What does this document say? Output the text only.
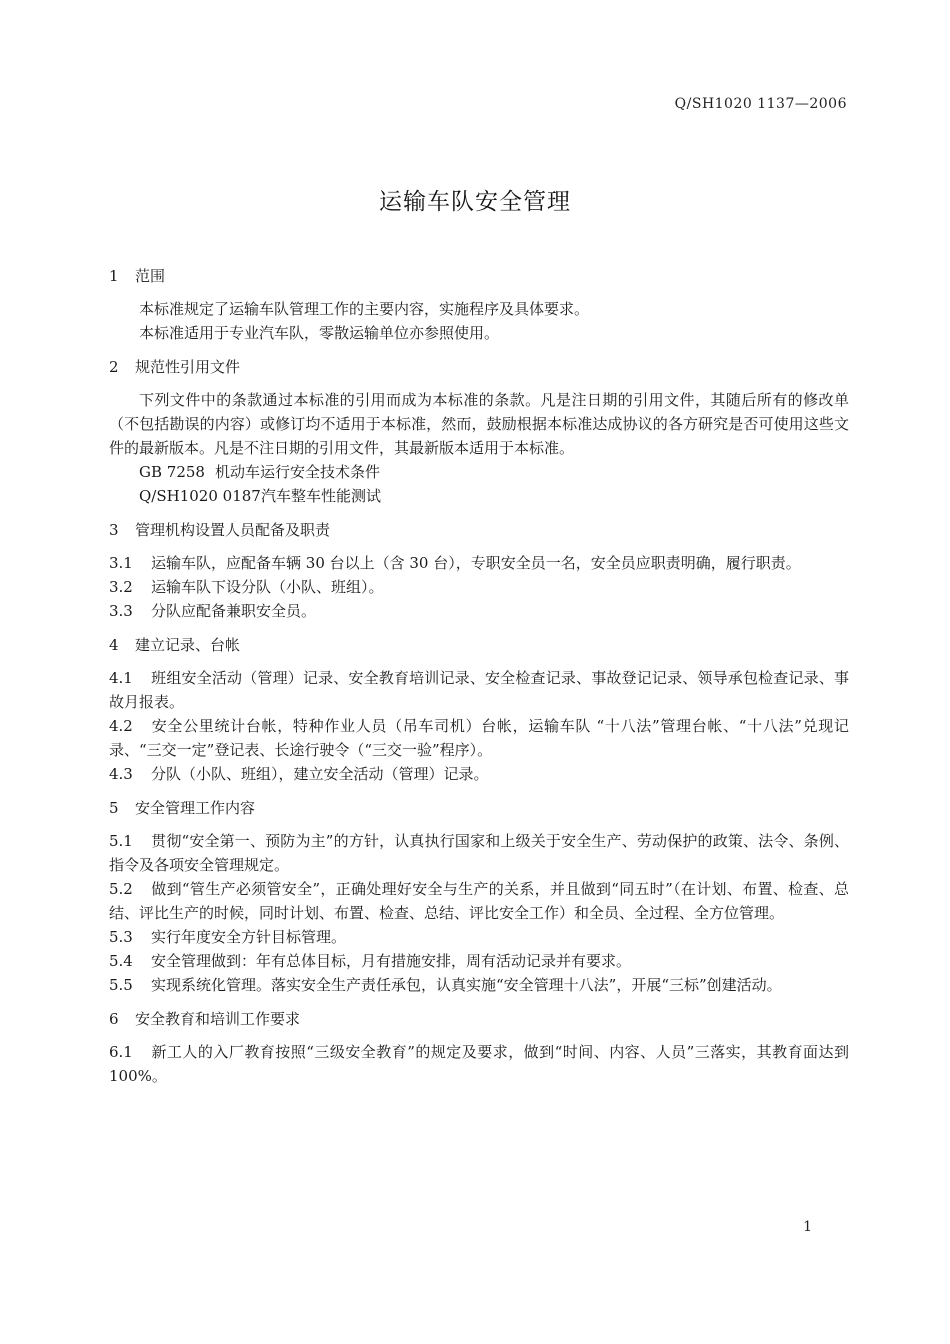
Q/SH1020 1137—2006
运输车队安全管理
1 范围

本标准规定了运输车队管理工作的主要内容，实施程序及具体要求。

本标准适用于专业汽车队，零散运输单位亦参照使用。

2 规范性引用文件

下列文件中的条款通过本标准的引用而成为本标准的条款。凡是注日期的引用文件，其随后所有的修改单（不包括勘误的内容）或修订均不适用于本标准，然而，鼓励根据本标准达成协议的各方研究是否可使用这些文件的最新版本。凡是不注日期的引用文件，其最新版本适用于本标准。

GB 7258 机动车运行安全技术条件
Q/SH1020 0187汽车整车性能测试
3 管理机构设置人员配备及职责

3.1 运输车队，应配备车辆 30 台以上（含 30 台），专职安全员一名，安全员应职责明确，履行职责。

3.2 运输车队下设分队（小队、班组）。

3.3 分队应配备兼职安全员。

4 建立记录、台帐

4.1 班组安全活动（管理）记录、安全教育培训记录、安全检查记录、事故登记记录、领导承包检查记录、事故月报表。

4.2 安全公里统计台帐，特种作业人员（吊车司机）台帐，运输车队 “十八法”管理台帐、“十八法”兑现记录、“三交一定”登记表、长途行驶令（“三交一验”程序）。

4.3 分队（小队、班组），建立安全活动（管理）记录。

5 安全管理工作内容

5.1 贯彻“安全第一、预防为主”的方针，认真执行国家和上级关于安全生产、劳动保护的政策、法令、条例、指令及各项安全管理规定。

5.2 做到“管生产必须管安全”，正确处理好安全与生产的关系，并且做到“同五时”（在计划、布置、检查、总结、评比生产的时候，同时计划、布置、检查、总结、评比安全工作）和全员、全过程、全方位管理。

5.3 实行年度安全方针目标管理。

5.4 安全管理做到：年有总体目标，月有措施安排，周有活动记录并有要求。

5.5 实现系统化管理。落实安全生产责任承包，认真实施“安全管理十八法”，开展“三标”创建活动。

6 安全教育和培训工作要求

6.1 新工人的入厂教育按照“三级安全教育”的规定及要求，做到“时间、内容、人员”三落实，其教育面达到 100%。

1
